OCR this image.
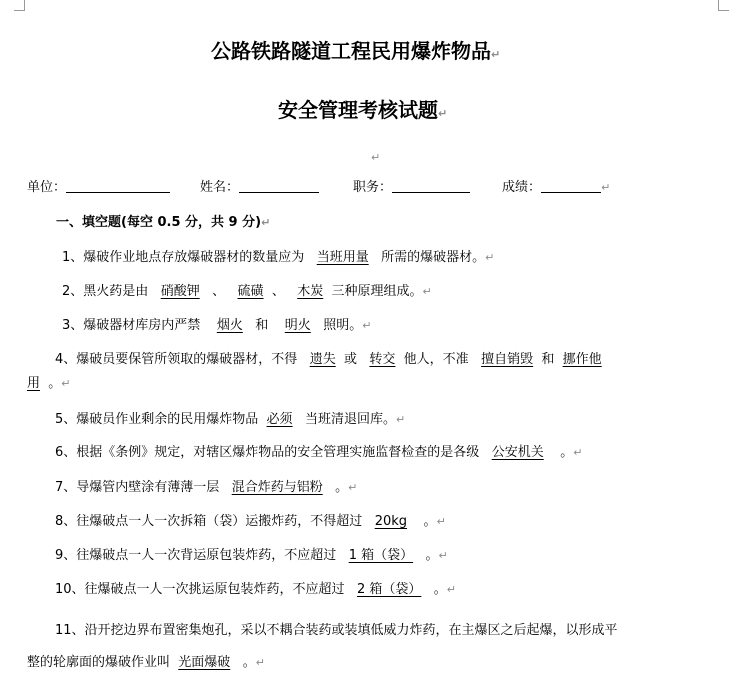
公路铁路隧道工程民用爆炸物品↵
安全管理考核试题↵
↵
单位：	姓名：	职务：	成绩：	↵
一、填空题(每空 0.5 分，共 9 分)↵
1、爆破作业地点存放爆破器材的数量应为 当班用量 所需的爆破器材。↵
2、黑火药是由 硝酸钾 、 硫磺 、 木炭 三种原理组成。↵
3、爆破器材库房内严禁 烟火 和 明火 照明。↵
4、爆破员要保管所领取的爆破器材，不得 遗失 或 转交 他人，不准 擅自销毁 和 挪作他
用 。↵
5、爆破员作业剩余的民用爆炸物品 必须 当班清退回库。↵
6、根据《条例》规定，对辖区爆炸物品的安全管理实施监督检查的是各级 公安机关 。↵
7、导爆管内壁涂有薄薄一层 混合炸药与铝粉 。↵
8、往爆破点一人一次拆箱（袋）运搬炸药，不得超过 20kg 。↵
9、往爆破点一人一次背运原包装炸药，不应超过 1 箱（袋） 。↵
10、往爆破点一人一次挑运原包装炸药，不应超过 2 箱（袋） 。↵
11、沿开挖边界布置密集炮孔，采以不耦合装药或装填低威力炸药，在主爆区之后起爆，以形成平
整的轮廓面的爆破作业叫 光面爆破 。↵
